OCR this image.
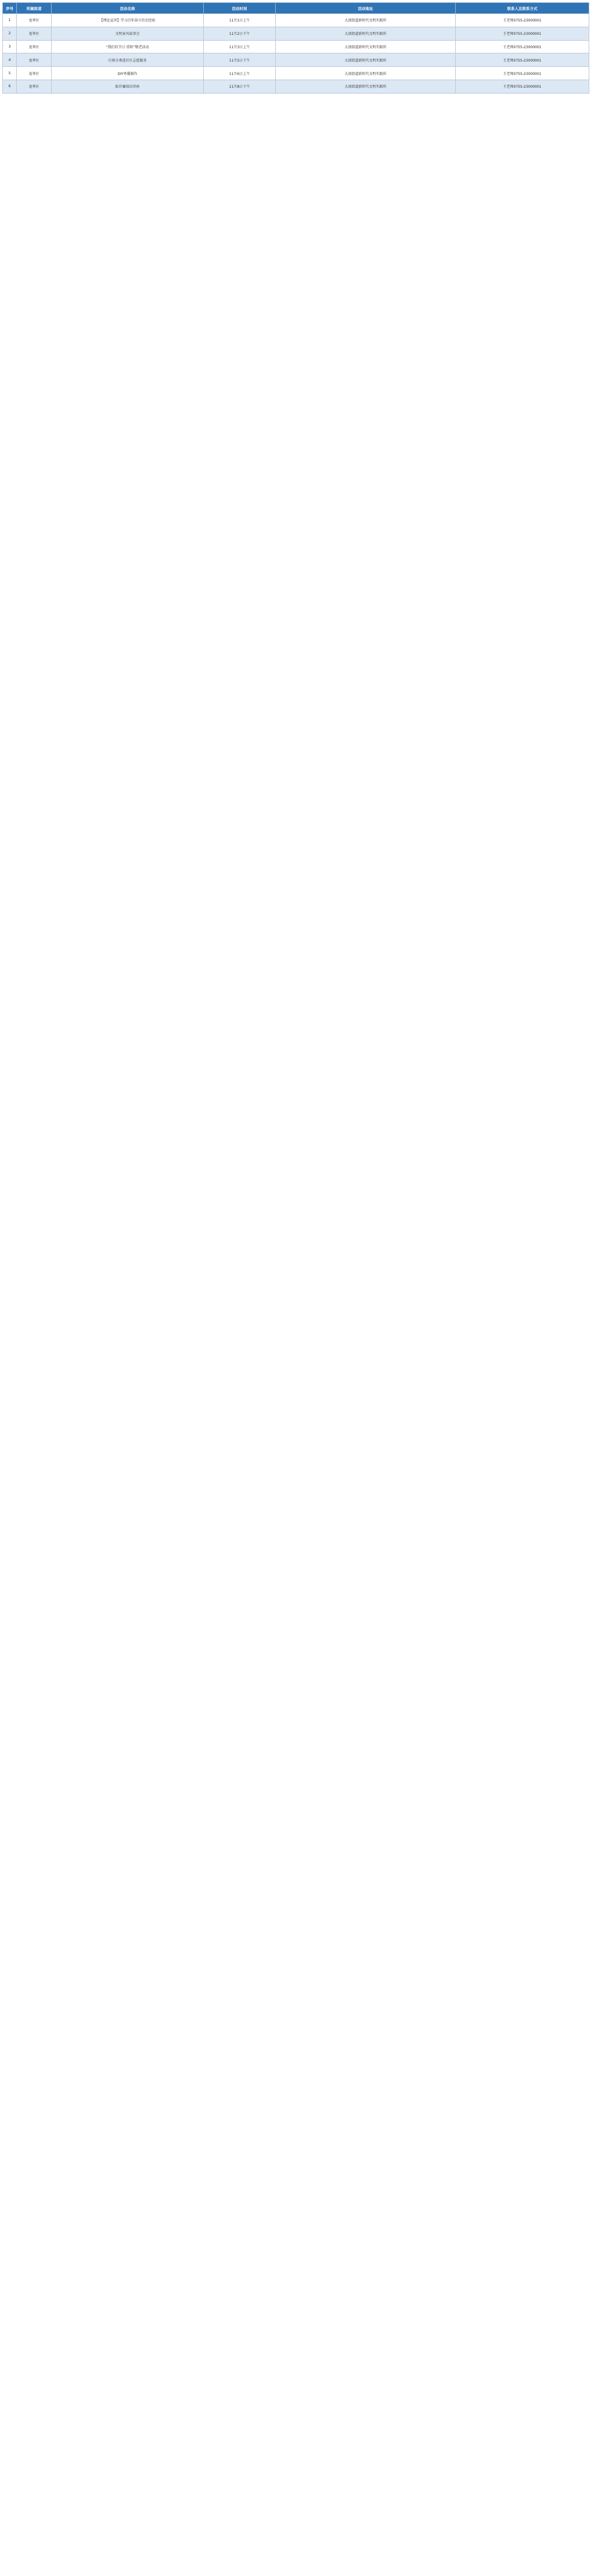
序号	所属街道	活动名称	活动时间	活动地址	联系人及联系方式
1	龙华区	【理论宣讲】学习百年奋斗历史经验	11月1日上午	大浪街道新时代文明实践所	王老师0755-23000001
2	龙华区	文明家风故事会	11月2日下午	大浪街道新时代文明实践所	王老师0755-23000001
3	龙华区	“我们的节日·重阳”敬老活动	11月3日上午	大浪街道新时代文明实践所	王老师0755-23000001
4	龙华区	垃圾分类进社区志愿服务	11月5日下午	大浪街道新时代文明实践所	王老师0755-23000001
5	龙华区	DIY香囊制作	11月6日上午	大浪街道新时代文明实践所	王老师0755-23000001
6	龙华区	防诈骗知识讲座	11月8日下午	大浪街道新时代文明实践所	王老师0755-23000001
